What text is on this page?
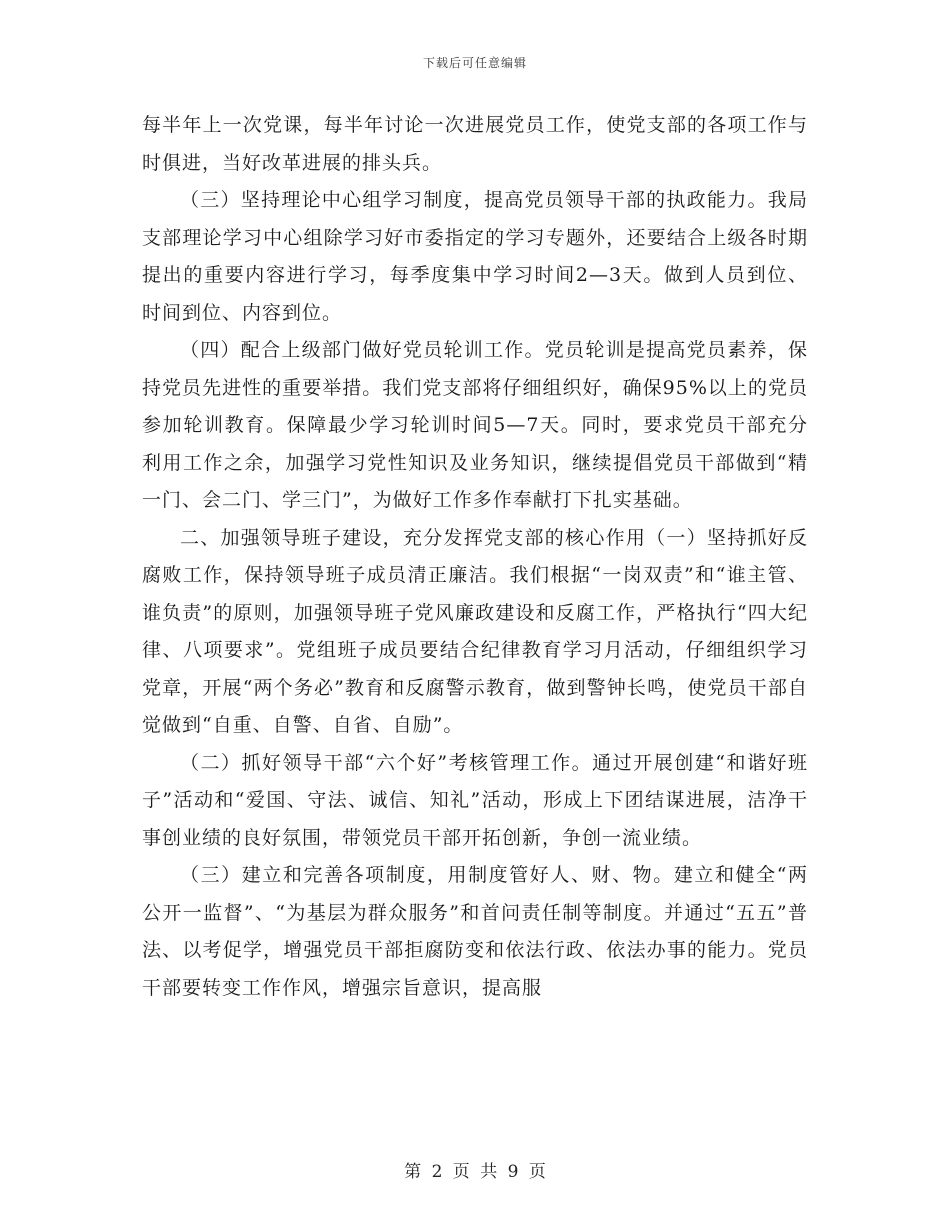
下载后可任意编辑

每半年上一次党课，每半年讨论一次进展党员工作，使党支部的各项工作与时俱进，当好改革进展的排头兵。

（三）坚持理论中心组学习制度，提高党员领导干部的执政能力。我局支部理论学习中心组除学习好市委指定的学习专题外，还要结合上级各时期提出的重要内容进行学习，每季度集中学习时间2—3天。做到人员到位、时间到位、内容到位。

（四）配合上级部门做好党员轮训工作。党员轮训是提高党员素养，保持党员先进性的重要举措。我们党支部将仔细组织好，确保95%以上的党员参加轮训教育。保障最少学习轮训时间5—7天。同时，要求党员干部充分利用工作之余，加强学习党性知识及业务知识，继续提倡党员干部做到“精一门、会二门、学三门”，为做好工作多作奉献打下扎实基础。

二、加强领导班子建设，充分发挥党支部的核心作用（一）坚持抓好反腐败工作，保持领导班子成员清正廉洁。我们根据“一岗双责”和“谁主管、谁负责”的原则，加强领导班子党风廉政建设和反腐工作，严格执行“四大纪律、八项要求”。党组班子成员要结合纪律教育学习月活动，仔细组织学习党章，开展“两个务必”教育和反腐警示教育，做到警钟长鸣，使党员干部自觉做到“自重、自警、自省、自励”。

（二）抓好领导干部“六个好”考核管理工作。通过开展创建“和谐好班子”活动和“爱国、守法、诚信、知礼”活动，形成上下团结谋进展，洁净干事创业绩的良好氛围，带领党员干部开拓创新，争创一流业绩。

（三）建立和完善各项制度，用制度管好人、财、物。建立和健全“两公开一监督”、“为基层为群众服务”和首问责任制等制度。并通过“五五”普法、以考促学，增强党员干部拒腐防变和依法行政、依法办事的能力。党员干部要转变工作作风，增强宗旨意识，提高服

第 2 页 共 9 页
